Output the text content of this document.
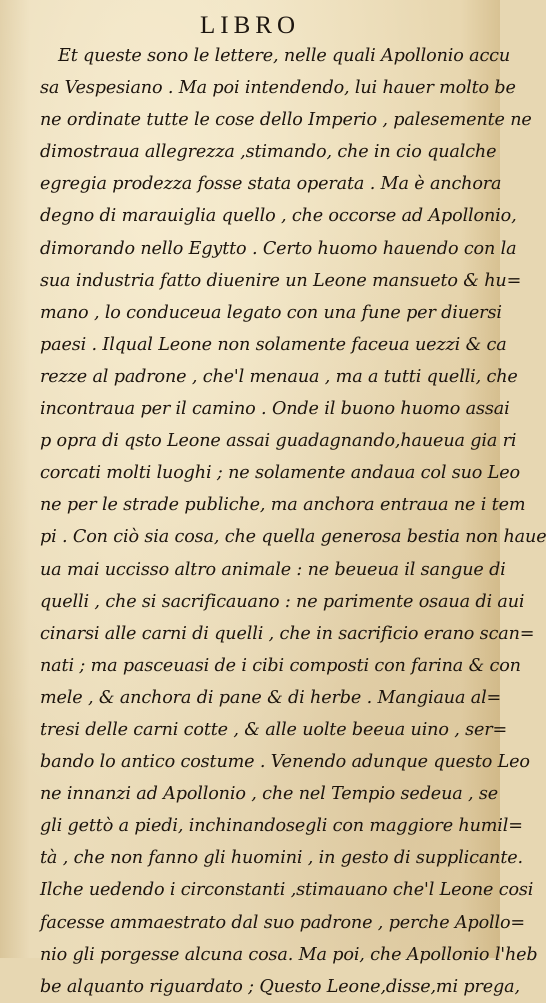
LIBRO
Et queste sono le lettere, nelle quali Apollonio accu
sa Vespesiano . Ma poi intendendo, lui hauer molto be
ne ordinate tutte le cose dello Imperio , palesemente ne
dimostraua allegrezza ,stimando, che in cio qualche
egregia prodezza fosse stata operata . Ma è anchora
degno di marauiglia quello , che occorse ad Apollonio,
dimorando nello Egytto . Certo huomo hauendo con la
sua industria fatto diuenire un Leone mansueto & hu=
mano , lo conduceua legato con una fune per diuersi
paesi . Ilqual Leone non solamente faceua uezzi & ca
rezze al padrone , che'l menaua , ma a tutti quelli, che
incontraua per il camino . Onde il buono huomo assai
p opra di qsto Leone assai guadagnando,haueua gia ri
corcati molti luoghi ; ne solamente andaua col suo Leo
ne per le strade publiche, ma anchora entraua ne i tem
pi . Con ciò sia cosa, che quella generosa bestia non haue
ua mai uccisso altro animale : ne beueua il sangue di
quelli , che si sacrificauano : ne parimente osaua di aui
cinarsi alle carni di quelli , che in sacrificio erano scan=
nati ; ma pasceuasi de i cibi composti con farina & con
mele , & anchora di pane & di herbe . Mangiaua al=
tresi delle carni cotte , & alle uolte beeua uino , ser=
bando lo antico costume . Venendo adunque questo Leo
ne innanzi ad Apollonio , che nel Tempio sedeua , se
gli gettò a piedi, inchinandosegli con maggiore humil=
tà , che non fanno gli huomini , in gesto di supplicante.
Ilche uedendo i circonstanti ,stimauano che'l Leone cosi
facesse ammaestrato dal suo padrone , perche Apollo=
nio gli porgesse alcuna cosa. Ma poi, che Apollonio l'heb
be alquanto riguardato ; Questo Leone,disse,mi prega,
